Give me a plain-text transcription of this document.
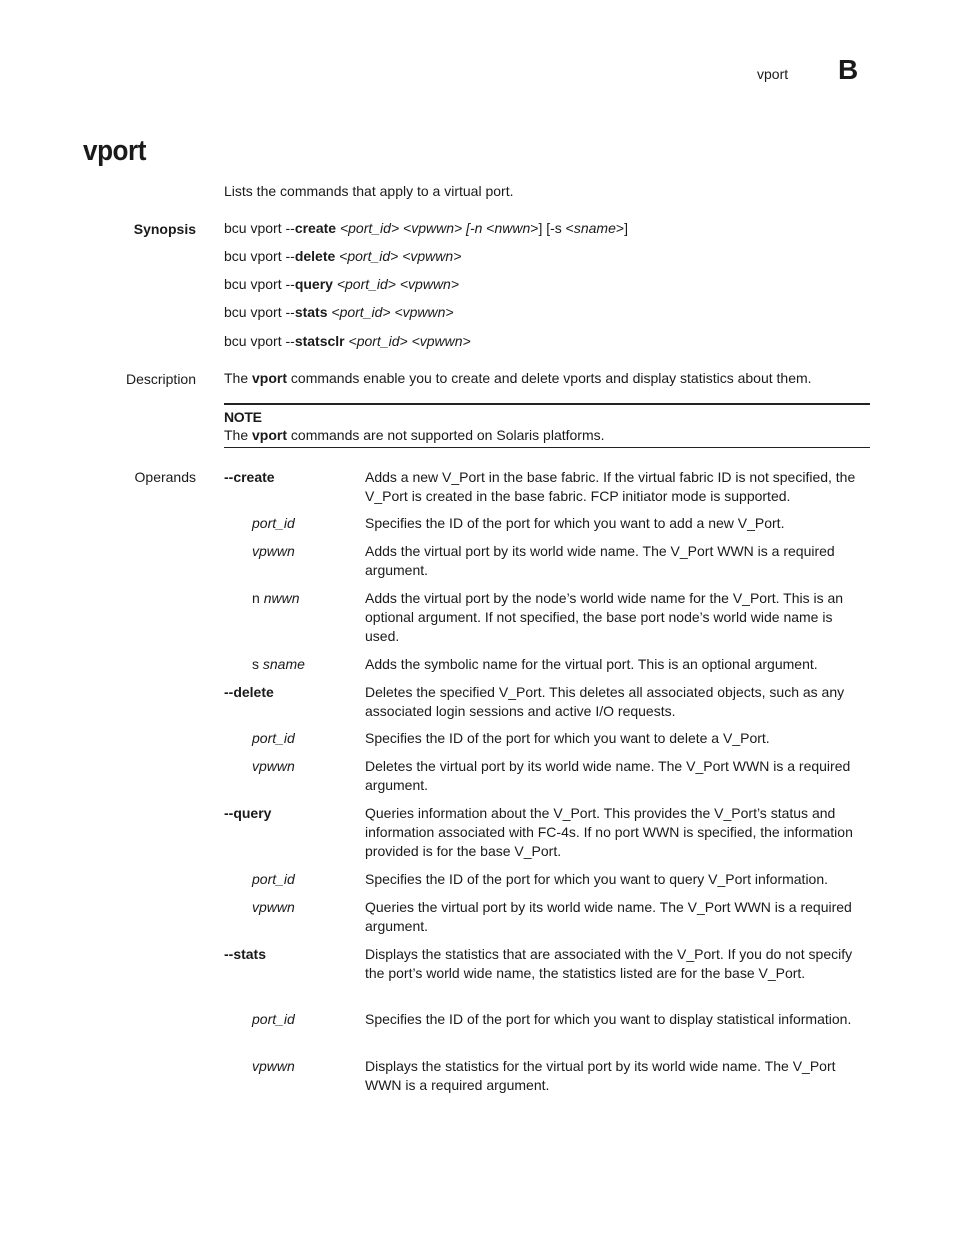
vport B
vport
Lists the commands that apply to a virtual port.
Synopsis bcu vport --create <port_id> <vpwwn> [-n <nwwn>] [-s <sname>]
bcu vport --delete <port_id> <vpwwn>
bcu vport --query <port_id> <vpwwn>
bcu vport --stats <port_id> <vpwwn>
bcu vport --statsclr <port_id> <vpwwn>
Description The vport commands enable you to create and delete vports and display statistics about them.
NOTE
The vport commands are not supported on Solaris platforms.
Operands --create	Adds a new V_Port in the base fabric. If the virtual fabric ID is not specified, the V_Port is created in the base fabric. FCP initiator mode is supported.
port_id	Specifies the ID of the port for which you want to add a new V_Port.
vpwwn	Adds the virtual port by its world wide name. The V_Port WWN is a required argument.
n nwwn	Adds the virtual port by the node’s world wide name for the V_Port. This is an optional argument. If not specified, the base port node’s world wide name is used.
s sname	Adds the symbolic name for the virtual port. This is an optional argument.
--delete	Deletes the specified V_Port. This deletes all associated objects, such as any associated login sessions and active I/O requests.
port_id	Specifies the ID of the port for which you want to delete a V_Port.
vpwwn	Deletes the virtual port by its world wide name. The V_Port WWN is a required argument.
--query	Queries information about the V_Port. This provides the V_Port’s status and information associated with FC-4s. If no port WWN is specified, the information provided is for the base V_Port.
port_id	Specifies the ID of the port for which you want to query V_Port information.
vpwwn	Queries the virtual port by its world wide name. The V_Port WWN is a required argument.
--stats	Displays the statistics that are associated with the V_Port. If you do not specify the port’s world wide name, the statistics listed are for the base V_Port.
port_id	Specifies the ID of the port for which you want to display statistical information.
vpwwn	Displays the statistics for the virtual port by its world wide name. The V_Port WWN is a required argument.
